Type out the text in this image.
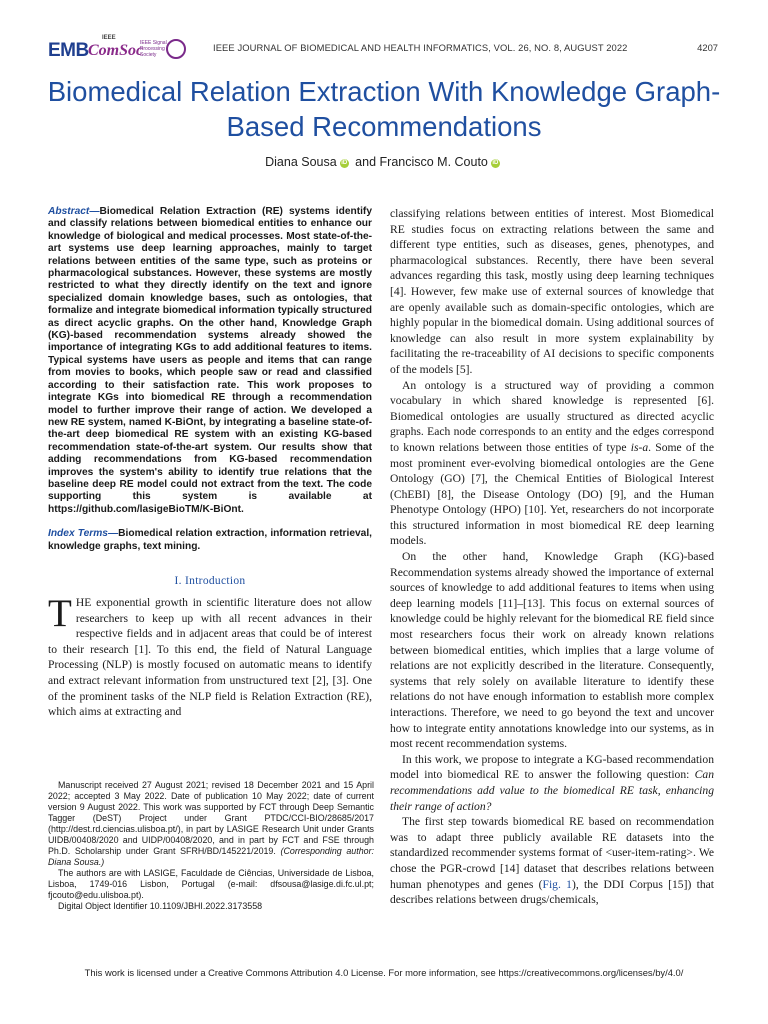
EMB
IEEE
ComSoc
IEEE Signal Processing Society
IEEE JOURNAL OF BIOMEDICAL AND HEALTH INFORMATICS, VOL. 26, NO. 8, AUGUST 2022	4207
Biomedical Relation Extraction With Knowledge Graph-Based Recommendations
Diana Sousa iD and Francisco M. Couto iD

Abstract—Biomedical Relation Extraction (RE) systems identify and classify relations between biomedical entities to enhance our knowledge of biological and medical processes. Most state-of-the-art systems use deep learning approaches, mainly to target relations between entities of the same type, such as proteins or pharmacological substances. However, these systems are mostly restricted to what they directly identify on the text and ignore specialized domain knowledge bases, such as ontologies, that formalize and integrate biomedical information typically structured as direct acyclic graphs. On the other hand, Knowledge Graph (KG)-based recommendation systems already showed the importance of integrating KGs to add additional features to items. Typical systems have users as people and items that can range from movies to books, which people saw or read and classified according to their satisfaction rate. This work proposes to integrate KGs into biomedical RE through a recommendation model to further improve their range of action. We developed a new RE system, named K-BiOnt, by integrating a baseline state-of-the-art deep biomedical RE system with an existing KG-based recommendation state-of-the-art system. Our results show that adding recommendations from KG-based recommendation improves the system's ability to identify true relations that the baseline deep RE model could not extract from the text. The code supporting this system is available at https://github.com/lasigeBioTM/K-BiOnt.

Index Terms—Biomedical relation extraction, information retrieval, knowledge graphs, text mining.

I. Introduction

THE exponential growth in scientific literature does not allow researchers to keep up with all recent advances in their respective fields and in adjacent areas that could be of interest to their research [1]. To this end, the field of Natural Language Processing (NLP) is mostly focused on automatic means to identify and extract relevant information from unstructured text [2], [3]. One of the prominent tasks of the NLP field is Relation Extraction (RE), which aims at extracting and

Manuscript received 27 August 2021; revised 18 December 2021 and 15 April 2022; accepted 3 May 2022. Date of publication 10 May 2022; date of current version 9 August 2022. This work was supported by FCT through Deep Semantic Tagger (DeST) Project under Grant PTDC/CCI-BIO/28685/2017 (http://dest.rd.ciencias.ulisboa.pt/), in part by LASIGE Research Unit under Grants UIDB/00408/2020 and UIDP/00408/2020, and in part by FCT and FSE through Ph.D. Scholarship under Grant SFRH/BD/145221/2019. (Corresponding author: Diana Sousa.)

The authors are with LASIGE, Faculdade de Ciências, Universidade de Lisboa, Lisboa, 1749-016 Lisbon, Portugal (e-mail: dfsousa@lasige.di.fc.ul.pt; fjcouto@edu.ulisboa.pt).

Digital Object Identifier 10.1109/JBHI.2022.3173558

classifying relations between entities of interest. Most Biomedical RE studies focus on extracting relations between the same and different type entities, such as diseases, genes, phenotypes, and pharmacological substances. Recently, there have been several advances regarding this task, mostly using deep learning techniques [4]. However, few make use of external sources of knowledge that are openly available such as domain-specific ontologies, which are highly popular in the biomedical domain. Using additional sources of knowledge can also result in more system explainability by facilitating the re-traceability of AI decisions to specific components of the models [5].

An ontology is a structured way of providing a common vocabulary in which shared knowledge is represented [6]. Biomedical ontologies are usually structured as directed acyclic graphs. Each node corresponds to an entity and the edges correspond to known relations between those entities of type is-a. Some of the most prominent ever-evolving biomedical ontologies are the Gene Ontology (GO) [7], the Chemical Entities of Biological Interest (ChEBI) [8], the Disease Ontology (DO) [9], and the Human Phenotype Ontology (HPO) [10]. Yet, researchers do not incorporate this structured information in most biomedical RE deep learning models.

On the other hand, Knowledge Graph (KG)-based Recommendation systems already showed the importance of external sources of knowledge to add additional features to items when using deep learning models [11]–[13]. This focus on external sources of knowledge could be highly relevant for the biomedical RE field since most researchers focus their work on already known relations between biomedical entities, which implies that a large volume of relations are not explicitly described in the literature. Consequently, systems that rely solely on available literature to identify these relations do not have enough information to establish more complex interactions. Therefore, we need to go beyond the text and uncover how to integrate entity annotations knowledge into our systems, as in most recent recommendation systems.

In this work, we propose to integrate a KG-based recommendation model into biomedical RE to answer the following question: Can recommendations add value to the biomedical RE task, enhancing their range of action?

The first step towards biomedical RE based on recommendation was to adapt three publicly available RE datasets into the standardized recommender systems format of <user-item-rating>. We chose the PGR-crowd [14] dataset that describes relations between human phenotypes and genes (Fig. 1), the DDI Corpus [15]) that describes relations between drugs/chemicals,

This work is licensed under a Creative Commons Attribution 4.0 License. For more information, see https://creativecommons.org/licenses/by/4.0/
